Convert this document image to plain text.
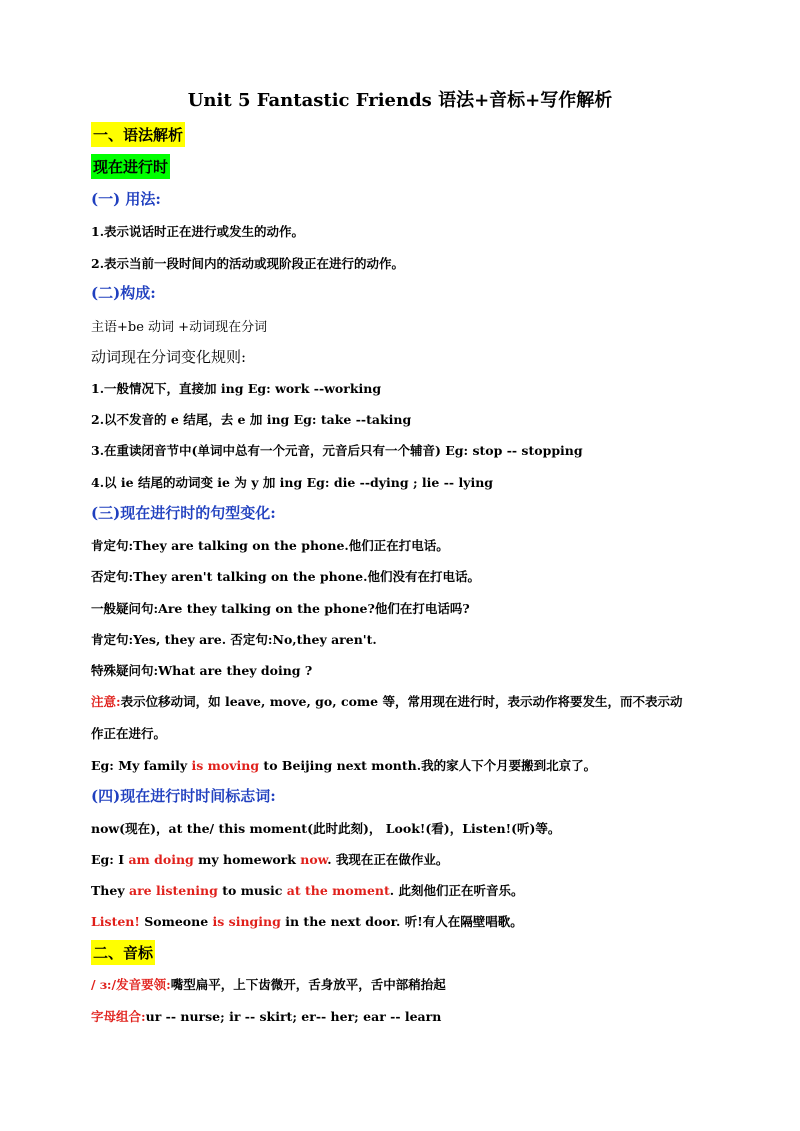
Unit 5 Fantastic Friends 语法+音标+写作解析
一、语法解析
现在进行时
(一) 用法:
1.表示说话时正在进行或发生的动作。
2.表示当前一段时间内的活动或现阶段正在进行的动作。
(二)构成:
主语+be 动词 +动词现在分词
动词现在分词变化规则:
1.一般情况下，直接加 ing Eg: work --working
2.以不发音的 e 结尾，去 e 加 ing Eg: take --taking
3.在重读闭音节中(单词中总有一个元音，元音后只有一个辅音) Eg: stop -- stopping
4.以 ie 结尾的动词变 ie 为 y 加 ing Eg: die --dying ; lie -- lying
(三)现在进行时的句型变化:
肯定句:They are talking on the phone.他们正在打电话。
否定句:They aren't talking on the phone.他们没有在打电话。
一般疑问句:Are they talking on the phone?他们在打电话吗?
肯定句:Yes, they are. 否定句:No,they aren't.
特殊疑问句:What are they doing ?
注意:表示位移动词，如 leave, move, go, come 等，常用现在进行时，表示动作将要发生，而不表示动
作正在进行。
Eg: My family is moving to Beijing next month.我的家人下个月要搬到北京了。
(四)现在进行时时间标志词:
now(现在)，at the/ this moment(此时此刻)， Look!(看)，Listen!(听)等。
Eg: I am doing my homework now. 我现在正在做作业。
They are listening to music at the moment. 此刻他们正在听音乐。
Listen! Someone is singing in the next door. 听!有人在隔壁唱歌。
二、音标
/ ɜ:/发音要领:嘴型扁平，上下齿微开，舌身放平，舌中部稍抬起
字母组合:ur -- nurse; ir -- skirt; er-- her; ear -- learn
